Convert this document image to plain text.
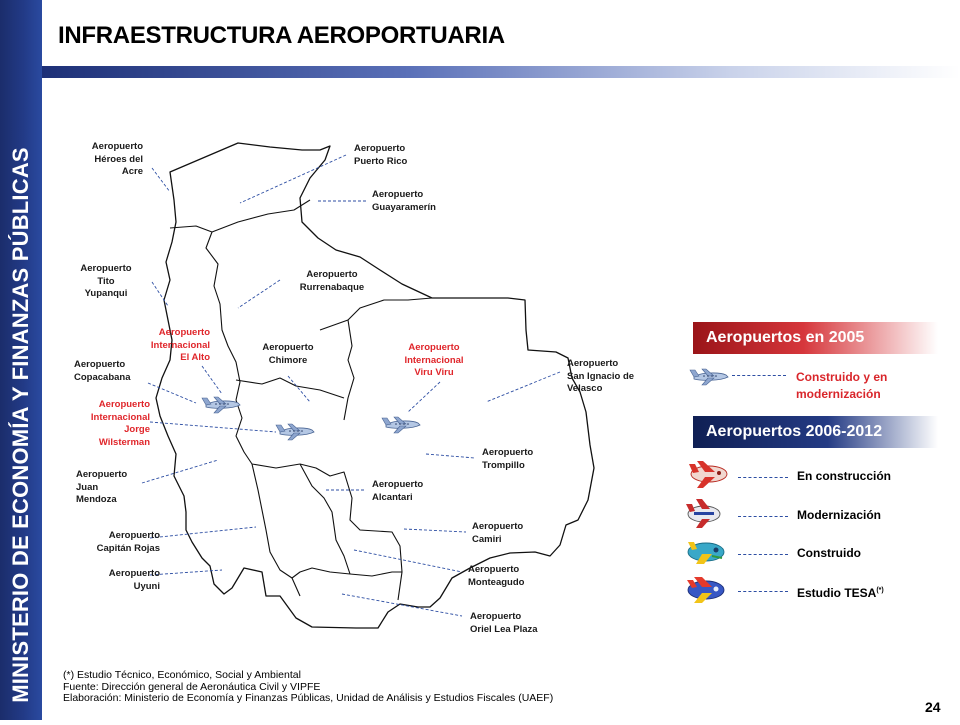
MINISTERIO DE ECONOMÍA Y FINANZAS PÚBLICAS
INFRAESTRUCTURA AEROPORTUARIA
Aeropuerto
Héroes del
Acre
Aeropuerto
Puerto Rico
Aeropuerto
Guayaramerín
Aeropuerto
Tito
Yupanqui
Aeropuerto
Rurrenabaque
Aeropuerto
Internacional
El Alto
Aeropuerto
Chimore
Aeropuerto
Internacional
Viru Viru
Aeropuerto
San Ignacio de
Velasco
Aeropuerto
Copacabana
Aeropuerto
Internacional
Jorge
Wilsterman
Aeropuerto
Trompillo
Aeropuerto
Juan
Mendoza
Aeropuerto
Alcantari
Aeropuerto
Capitán Rojas
Aeropuerto
Camiri
Aeropuerto
Uyuni
Aeropuerto
Monteagudo
Aeropuerto
Oriel Lea Plaza
Aeropuertos en 2005
Construido y en modernización
Aeropuertos 2006-2012
En construcción
Modernización
Construido
Estudio TESA(*)
(*) Estudio Técnico, Económico, Social y Ambiental
Fuente: Dirección general de Aeronáutica Civil y VIPFE
Elaboración: Ministerio de Economía y Finanzas Públicas, Unidad de Análisis y Estudios Fiscales (UAEF)
24
